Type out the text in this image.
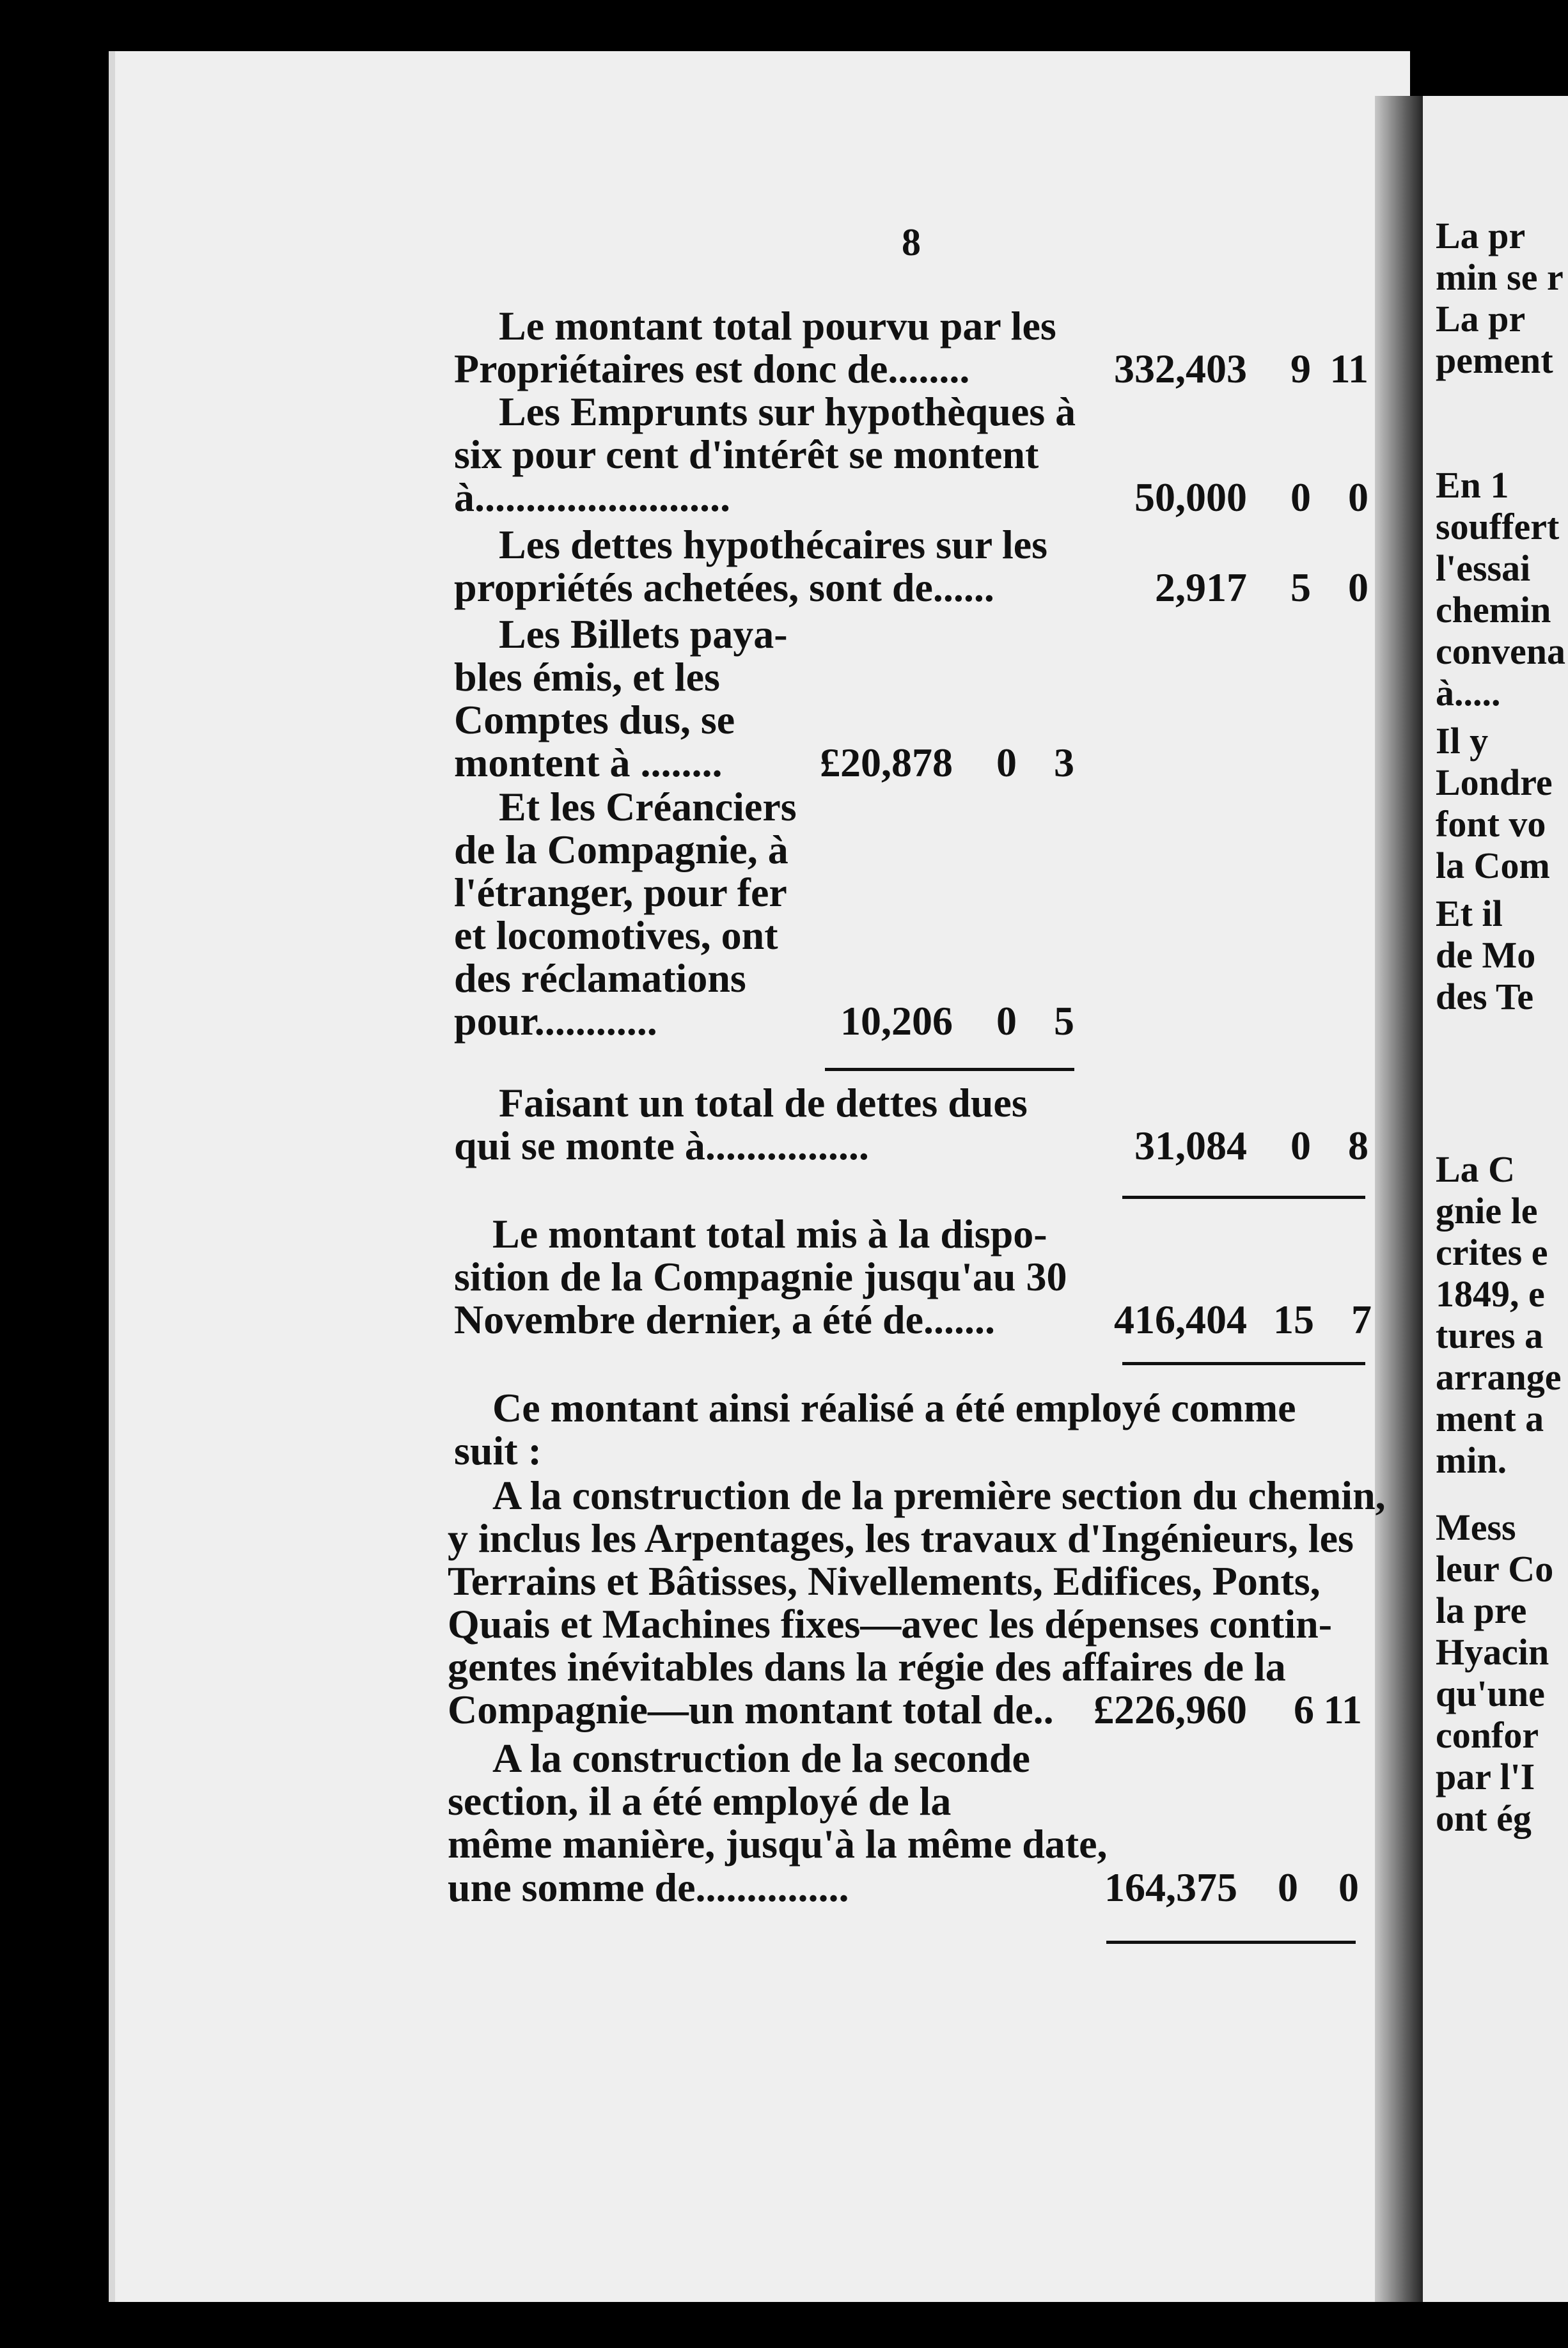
La pr
min se r
La pr
pement
En 1
souffert
l'essai
chemin
convena
à.....
Il y
Londre
font vo
la Com
Et il
de Mo
des Te
La C
gnie le
crites e
1849, e
tures a
arrange
ment a
min.
Mess
leur Co
la pre
Hyacin
qu'une
confor
par l'I
ont ég
8
Le montant total pourvu par les
Propriétaires est donc de........
Les Emprunts sur hypothèques à
six pour cent d'intérêt se montent
à.........................
Les dettes hypothécaires sur les
propriétés achetées, sont de......
Les Billets paya-
bles émis, et les
Comptes dus, se
montent à ........
Et les Créanciers
de la Compagnie, à
l'étranger, pour fer
et locomotives, ont
des réclamations
pour............
Faisant un total de dettes dues
qui se monte à................
Le montant total mis à la dispo-
sition de la Compagnie jusqu'au 30
Novembre dernier, a été de.......
Ce montant ainsi réalisé a été employé comme
suit :
A la construction de la première section du chemin,
y inclus les Arpentages, les travaux d'Ingénieurs, les
Terrains et Bâtisses, Nivellements, Edifices, Ponts,
Quais et Machines fixes—avec les dépenses contin-
gentes inévitables dans la régie des affaires de la
Compagnie—un montant total de..
A la construction de la seconde
section, il a été employé de la
même manière, jusqu'à la même date,
une somme de...............
332,403 9 11
50,000 0 0
2,917 5 0
£20,878 0 3
10,206 0 5
31,084 0 8
416,404 15 7
£226,960 6 11
164,375 0 0
